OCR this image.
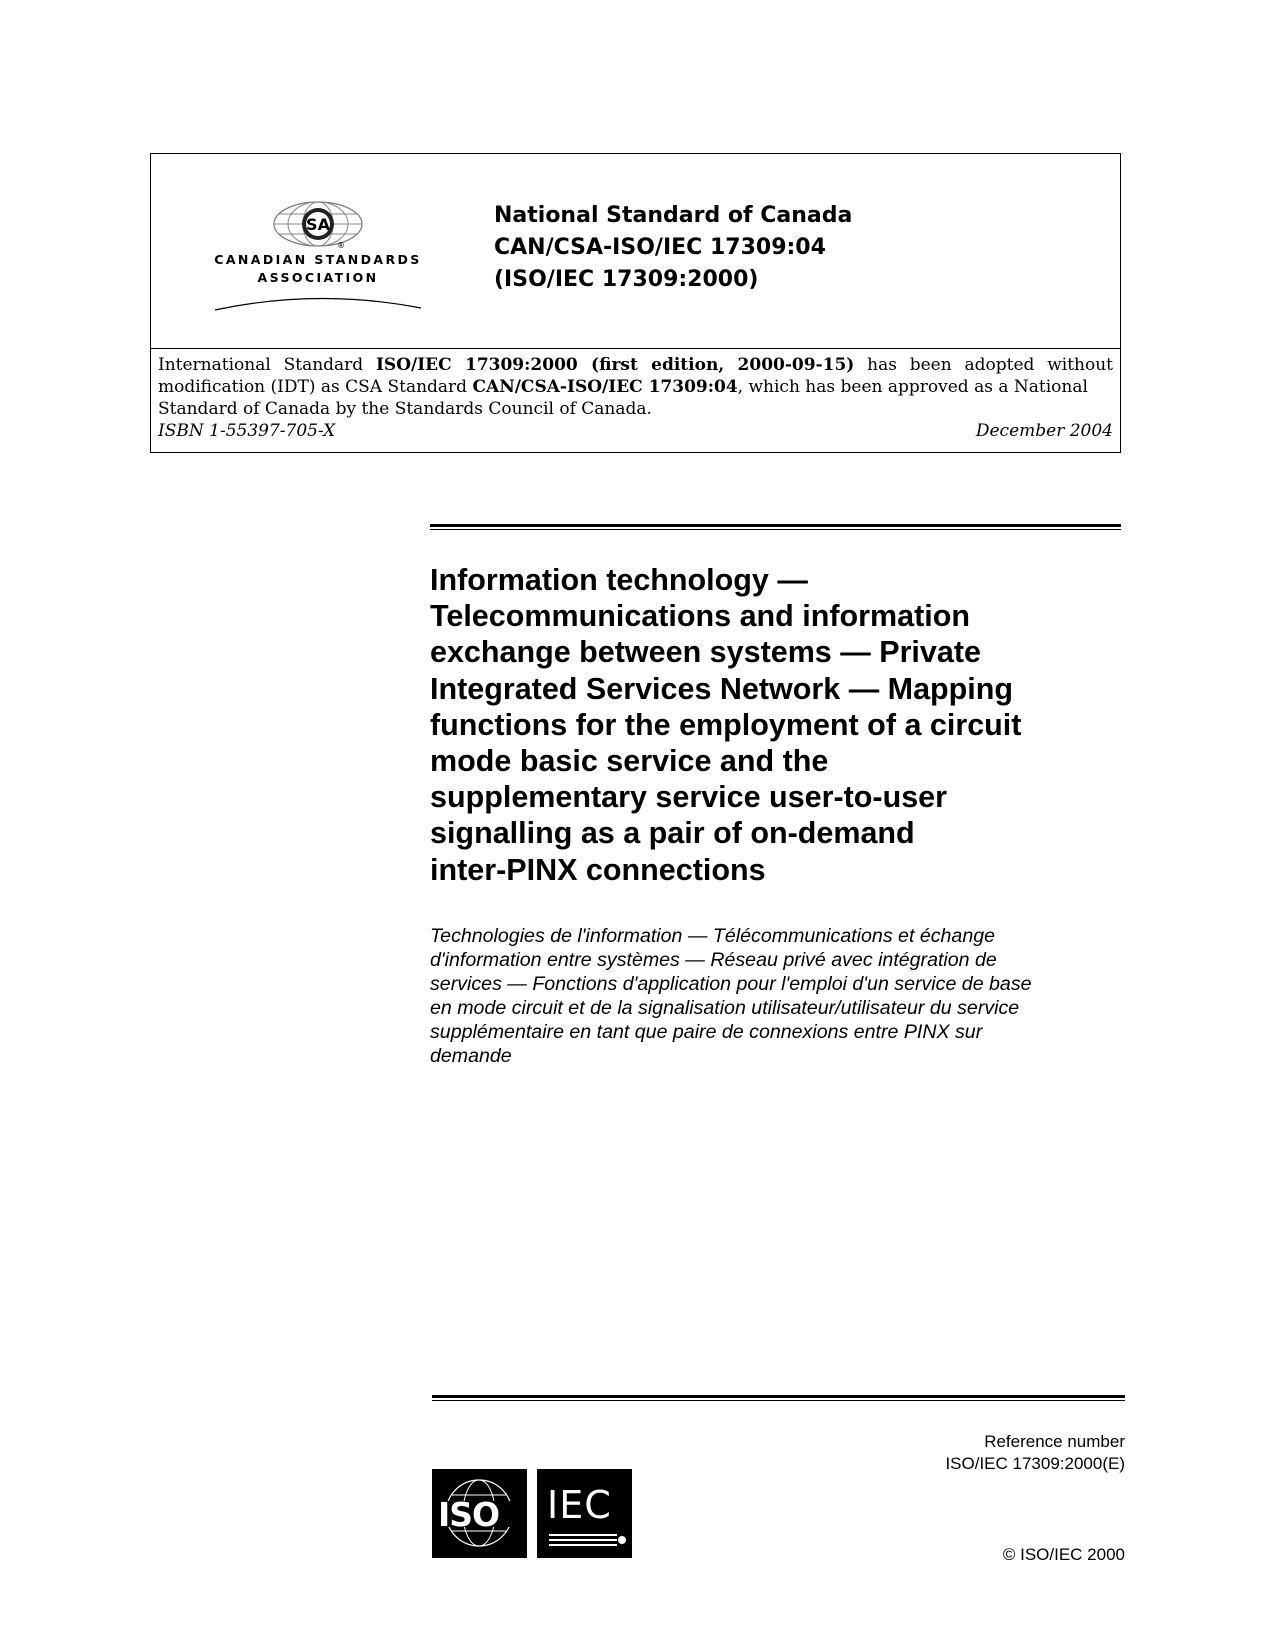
SA
®
CANADIAN STANDARDS
ASSOCIATION
National Standard of Canada
CAN/CSA-ISO/IEC 17309:04
(ISO/IEC 17309:2000)
International Standard ISO/IEC 17309:2000 (first edition, 2000-09-15) has been adopted without
modification (IDT) as CSA Standard CAN/CSA-ISO/IEC 17309:04, which has been approved as a National
Standard of Canada by the Standards Council of Canada.
ISBN 1-55397-705-X	December 2004
Information technology —
Telecommunications and information
exchange between systems — Private
Integrated Services Network — Mapping
functions for the employment of a circuit
mode basic service and the
supplementary service user-to-user
signalling as a pair of on-demand
inter-PINX connections
Technologies de l'information — Télécommunications et échange
d'information entre systèmes — Réseau privé avec intégration de
services — Fonctions d'application pour l'emploi d'un service de base
en mode circuit et de la signalisation utilisateur/utilisateur du service
supplémentaire en tant que paire de connexions entre PINX sur
demande
Reference number
ISO/IEC 17309:2000(E)
ISO IEC
© ISO/IEC 2000
